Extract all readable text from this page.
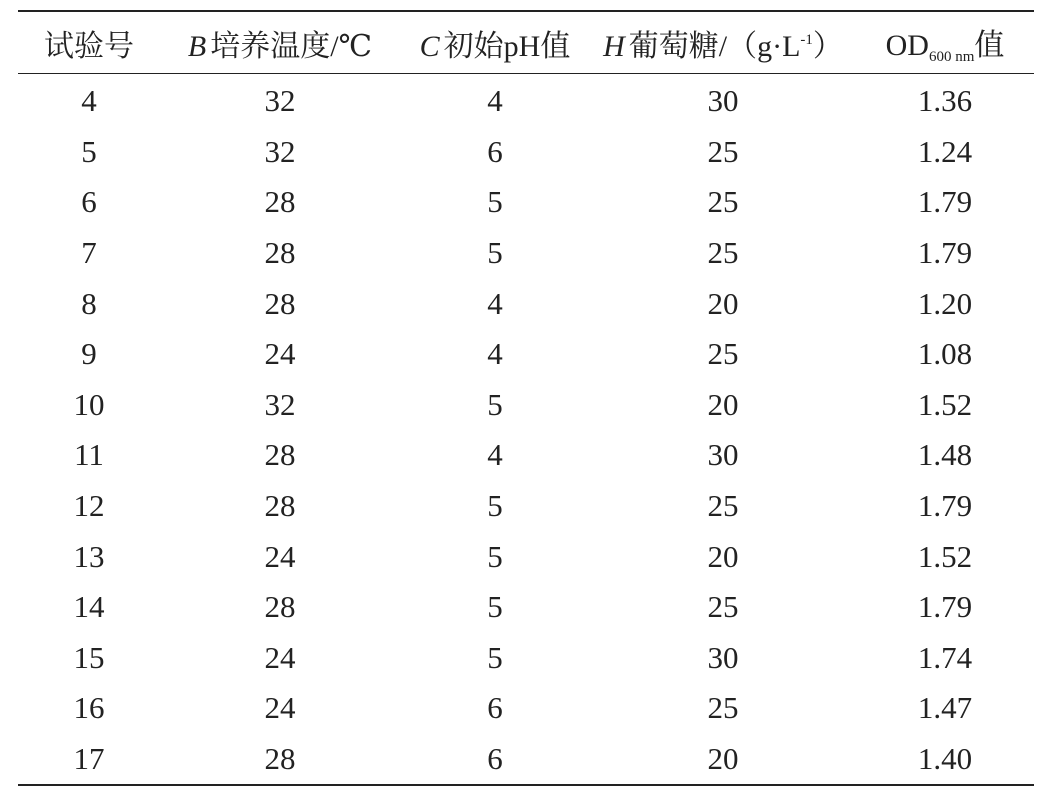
试验号	B 培养温度/℃	C 初始pH值	H 葡萄糖$/(g\cdot L^{-1})$	$OD_{600 nm}$值
4	32	4	30	1.36
5	32	6	25	1.24
6	28	5	25	1.79
7	28	5	25	1.79
8	28	4	20	1.20
9	24	4	25	1.08
10	32	5	20	1.52
11	28	4	30	1.48
12	28	5	25	1.79
13	24	5	20	1.52
14	28	5	25	1.79
15	24	5	30	1.74
16	24	6	25	1.47
17	28	6	20	1.40
